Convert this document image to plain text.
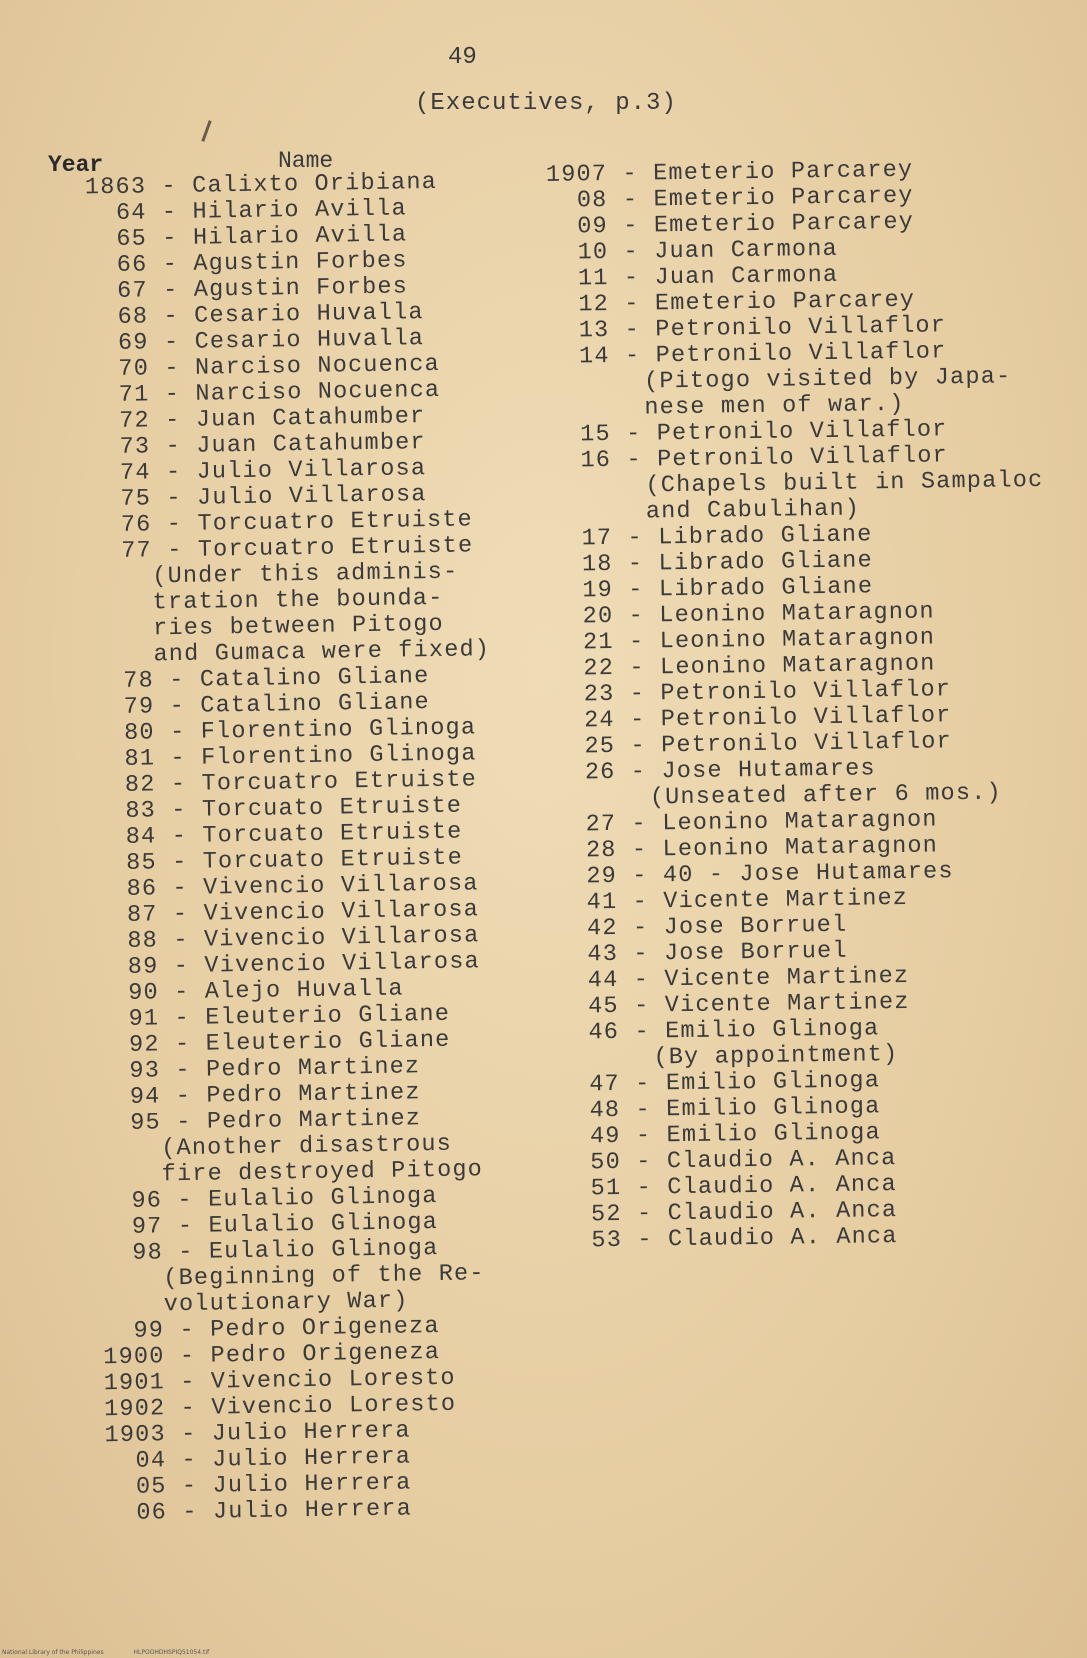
49
(Executives, p.3)
Year	Name
1863 - Calixto Oribiana
64 - Hilario Avilla
65 - Hilario Avilla
66 - Agustin Forbes
67 - Agustin Forbes
68 - Cesario Huvalla
69 - Cesario Huvalla
70 - Narciso Nocuenca
71 - Narciso Nocuenca
72 - Juan Catahumber
73 - Juan Catahumber
74 - Julio Villarosa
75 - Julio Villarosa
76 - Torcuatro Etruiste
77 - Torcuatro Etruiste
(Under this adminis-
tration the bounda-
ries between Pitogo
and Gumaca were fixed)
78 - Catalino Gliane
79 - Catalino Gliane
80 - Florentino Glinoga
81 - Florentino Glinoga
82 - Torcuatro Etruiste
83 - Torcuato Etruiste
84 - Torcuato Etruiste
85 - Torcuato Etruiste
86 - Vivencio Villarosa
87 - Vivencio Villarosa
88 - Vivencio Villarosa
89 - Vivencio Villarosa
90 - Alejo Huvalla
91 - Eleuterio Gliane
92 - Eleuterio Gliane
93 - Pedro Martinez
94 - Pedro Martinez
95 - Pedro Martinez
(Another disastrous
fire destroyed Pitogo
96 - Eulalio Glinoga
97 - Eulalio Glinoga
98 - Eulalio Glinoga
(Beginning of the Re-
volutionary War)
99 - Pedro Origeneza
1900 - Pedro Origeneza
1901 - Vivencio Loresto
1902 - Vivencio Loresto
1903 - Julio Herrera
04 - Julio Herrera
05 - Julio Herrera
06 - Julio Herrera
1907 - Emeterio Parcarey
08 - Emeterio Parcarey
09 - Emeterio Parcarey
10 - Juan Carmona
11 - Juan Carmona
12 - Emeterio Parcarey
13 - Petronilo Villaflor
14 - Petronilo Villaflor
(Pitogo visited by Japa-
nese men of war.)
15 - Petronilo Villaflor
16 - Petronilo Villaflor
(Chapels built in Sampaloc
and Cabulihan)
17 - Librado Gliane
18 - Librado Gliane
19 - Librado Gliane
20 - Leonino Mataragnon
21 - Leonino Mataragnon
22 - Leonino Mataragnon
23 - Petronilo Villaflor
24 - Petronilo Villaflor
25 - Petronilo Villaflor
26 - Jose Hutamares
(Unseated after 6 mos.)
27 - Leonino Mataragnon
28 - Leonino Mataragnon
29 - 40 - Jose Hutamares
41 - Vicente Martinez
42 - Jose Borruel
43 - Jose Borruel
44 - Vicente Martinez
45 - Vicente Martinez
46 - Emilio Glinoga
(By appointment)
47 - Emilio Glinoga
48 - Emilio Glinoga
49 - Emilio Glinoga
50 - Claudio A. Anca
51 - Claudio A. Anca
52 - Claudio A. Anca
53 - Claudio A. Anca
National Library of the Philippines	HLPOOHDHSPIQ51054.tif
